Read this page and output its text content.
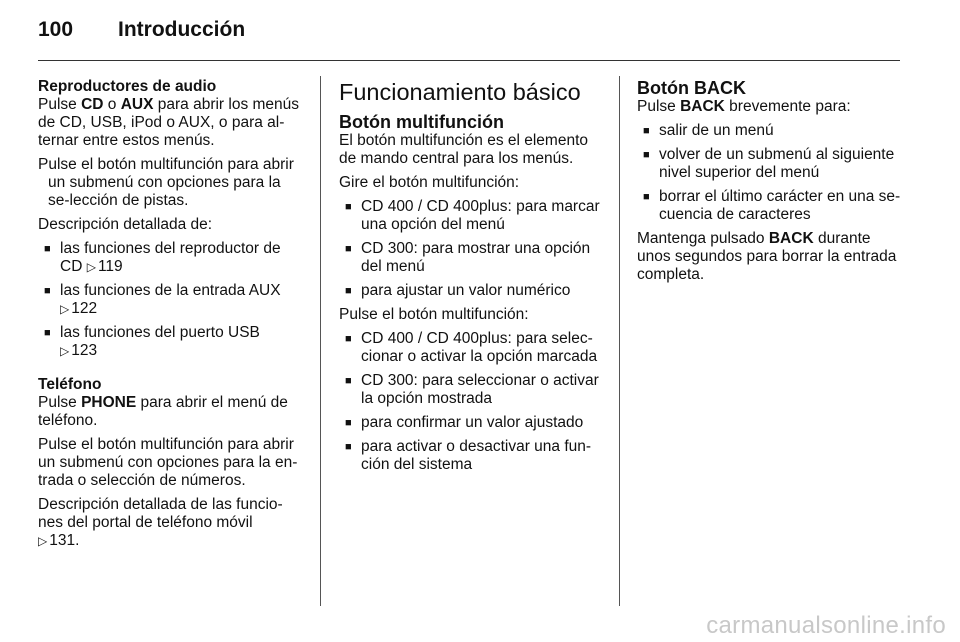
100	Introducción
Reproductores de audio

Pulse CD o AUX para abrir los menús de CD, USB, iPod o AUX, o para al-ternar entre estos menús.

Pulse el botón multifunción para abrir un submenú con opciones para la se-lección de pistas.

Descripción detallada de:

■ las funciones del reproductor de CD ▷ 119
■ las funciones de la entrada AUX
▷ 122
■ las funciones del puerto USB
▷ 123
Teléfono

Pulse PHONE para abrir el menú de teléfono.

Pulse el botón multifunción para abrir un submenú con opciones para la en-trada o selección de números.

Descripción detallada de las funcio-nes del portal de teléfono móvil
▷ 131.

Funcionamiento básico
Botón multifunción

El botón multifunción es el elemento de mando central para los menús.

Gire el botón multifunción:

■ CD 400 / CD 400plus: para marcar una opción del menú
■ CD 300: para mostrar una opción del menú
■ para ajustar un valor numérico

Pulse el botón multifunción:

■ CD 400 / CD 400plus: para selec-cionar o activar la opción marcada
■ CD 300: para seleccionar o activar la opción mostrada
■ para confirmar un valor ajustado
■ para activar o desactivar una fun-ción del sistema
Botón BACK

Pulse BACK brevemente para:

■ salir de un menú
■ volver de un submenú al siguiente nivel superior del menú
■ borrar el último carácter en una se-cuencia de caracteres

Mantenga pulsado BACK durante unos segundos para borrar la entrada completa.

carmanualsonline.info
